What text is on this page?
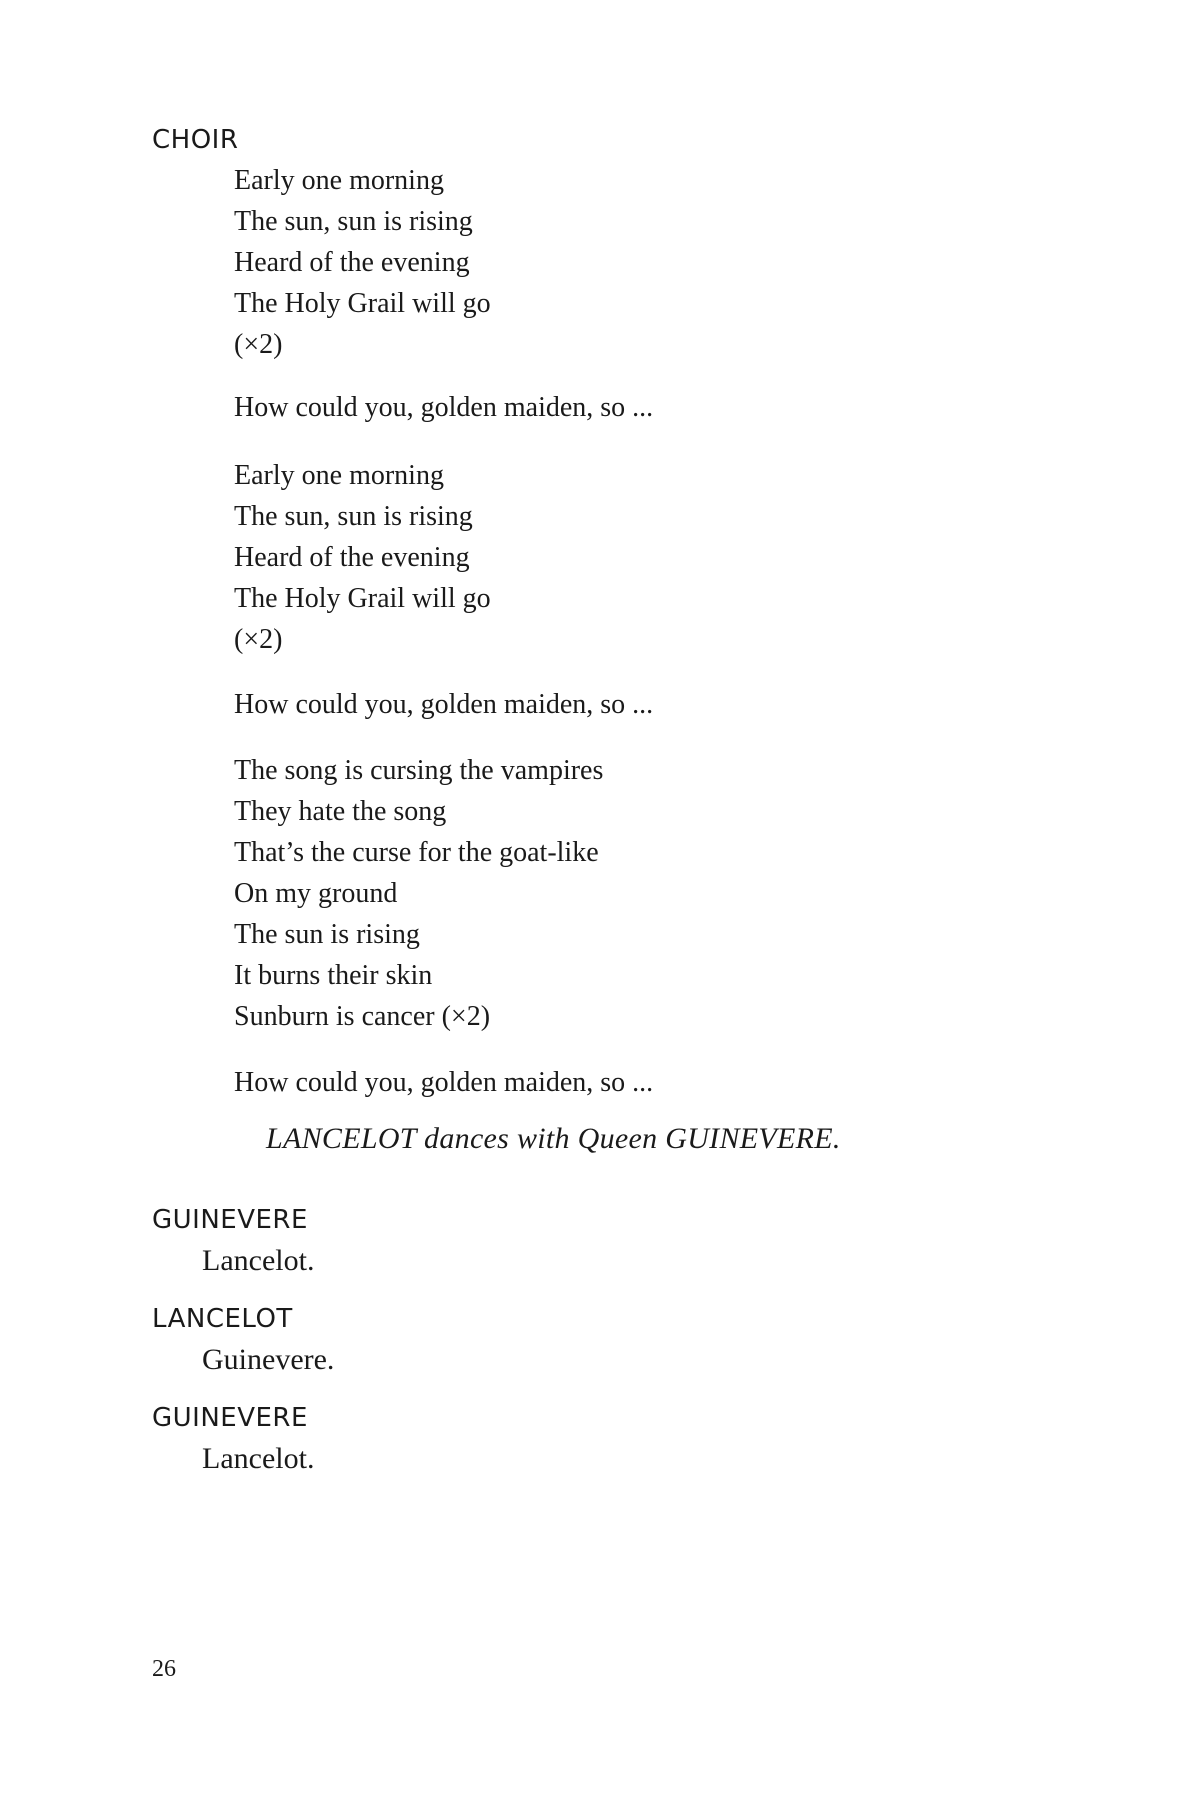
CHOIR
Early one morning
The sun, sun is rising
Heard of the evening
The Holy Grail will go
(×2)
How could you, golden maiden, so ...
Early one morning
The sun, sun is rising
Heard of the evening
The Holy Grail will go
(×2)
How could you, golden maiden, so ...
The song is cursing the vampires
They hate the song
That’s the curse for the goat-like
On my ground
The sun is rising
It burns their skin
Sunburn is cancer (×2)
How could you, golden maiden, so ...
LANCELOT dances with Queen GUINEVERE.
GUINEVERE
Lancelot.
LANCELOT
Guinevere.
GUINEVERE
Lancelot.
26
